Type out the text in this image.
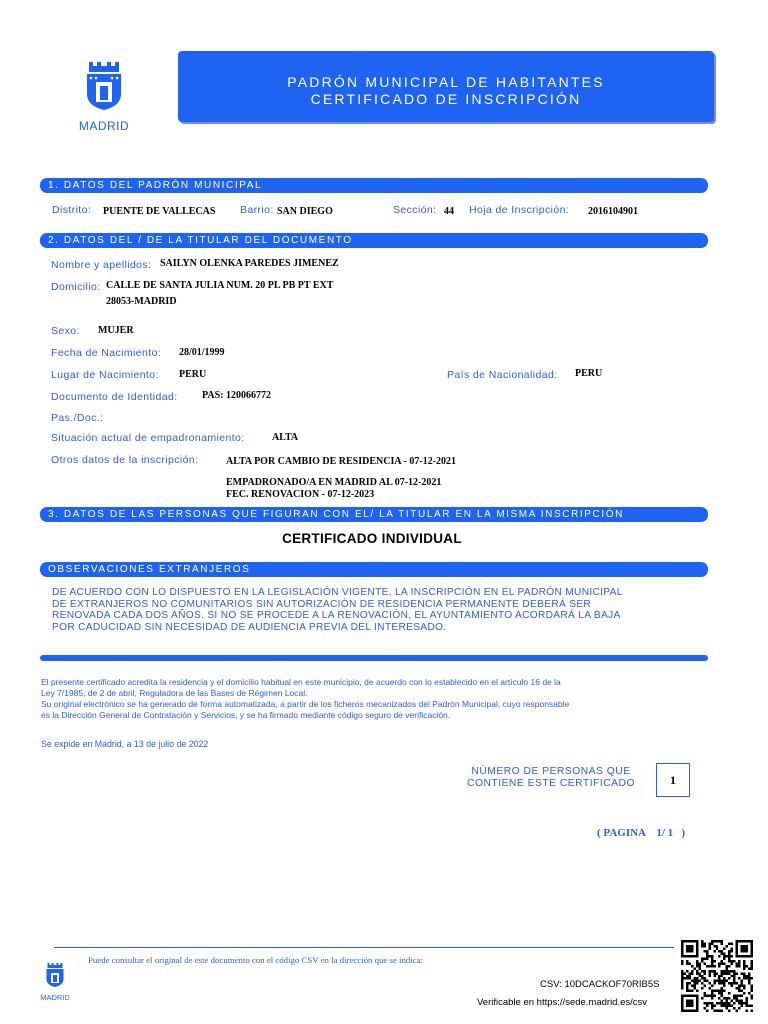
MADRID
PADRÓN MUNICIPAL DE HABITANTES
CERTIFICADO DE INSCRIPCIÓN
1. DATOS DEL PADRÓN MUNICIPAL
Distrito: PUENTE DE VALLECAS Barrio: SAN DIEGO	Sección: 44 Hoja de Inscripción: 2016104901
2. DATOS DEL / DE LA TITULAR DEL DOCUMENTO
Nombre y apellidos: SAILYN OLENKA PAREDES JIMENEZ
Domicilio: CALLE DE SANTA JULIA NUM. 20 PL PB PT EXT
28053-MADRID
Sexo: MUJER
Fecha de Nacimiento: 28/01/1999
Lugar de Nacimiento: PERU	País de Nacionalidad: PERU
Documento de Identidad: PAS: 120066772
Pas./Doc.:
Situación actual de empadronamiento:	ALTA
Otros datos de la inscripción:	ALTA POR CAMBIO DE RESIDENCIA - 07-12-2021
EMPADRONADO/A EN MADRID AL 07-12-2021
FEC. RENOVACION - 07-12-2023
3. DATOS DE LAS PERSONAS QUE FIGURAN CON EL/ LA TITULAR EN LA MISMA INSCRIPCIÓN
CERTIFICADO INDIVIDUAL
OBSERVACIONES EXTRANJEROS
DE ACUERDO CON LO DISPUESTO EN LA LEGISLACIÓN VIGENTE, LA INSCRIPCIÓN EN EL PADRÓN MUNICIPAL
DE EXTRANJEROS NO COMUNITARIOS SIN AUTORIZACIÓN DE RESIDENCIA PERMANENTE DEBERÁ SER
RENOVADA CADA DOS AÑOS. SI NO SE PROCEDE A LA RENOVACIÓN, EL AYUNTAMIENTO ACORDARÁ LA BAJA
POR CADUCIDAD SIN NECESIDAD DE AUDIENCIA PREVIA DEL INTERESADO.
El presente certificado acredita la residencia y el domicilio habitual en este municipio, de acuerdo con lo establecido en el artículo 16 de la
Ley 7/1985, de 2 de abril, Reguladora de las Bases de Régimen Local.
Su original electrónico se ha generado de forma automatizada, a partir de los ficheros mecanizados del Padrón Municipal, cuyo responsable
es la Dirección General de Contratación y Servicios, y se ha firmado mediante código seguro de verificación.
Se expide en Madrid, a 13 de julio de 2022
NÚMERO DE PERSONAS QUE
CONTIENE ESTE CERTIFICADO	1
( PAGINA    1/ 1   )
MADRID
Puede consultar el original de este documento con el código CSV en la dirección que se indica:
CSV: 10DCACKOF70RIB5S
Verificable en https://sede.madrid.es/csv
